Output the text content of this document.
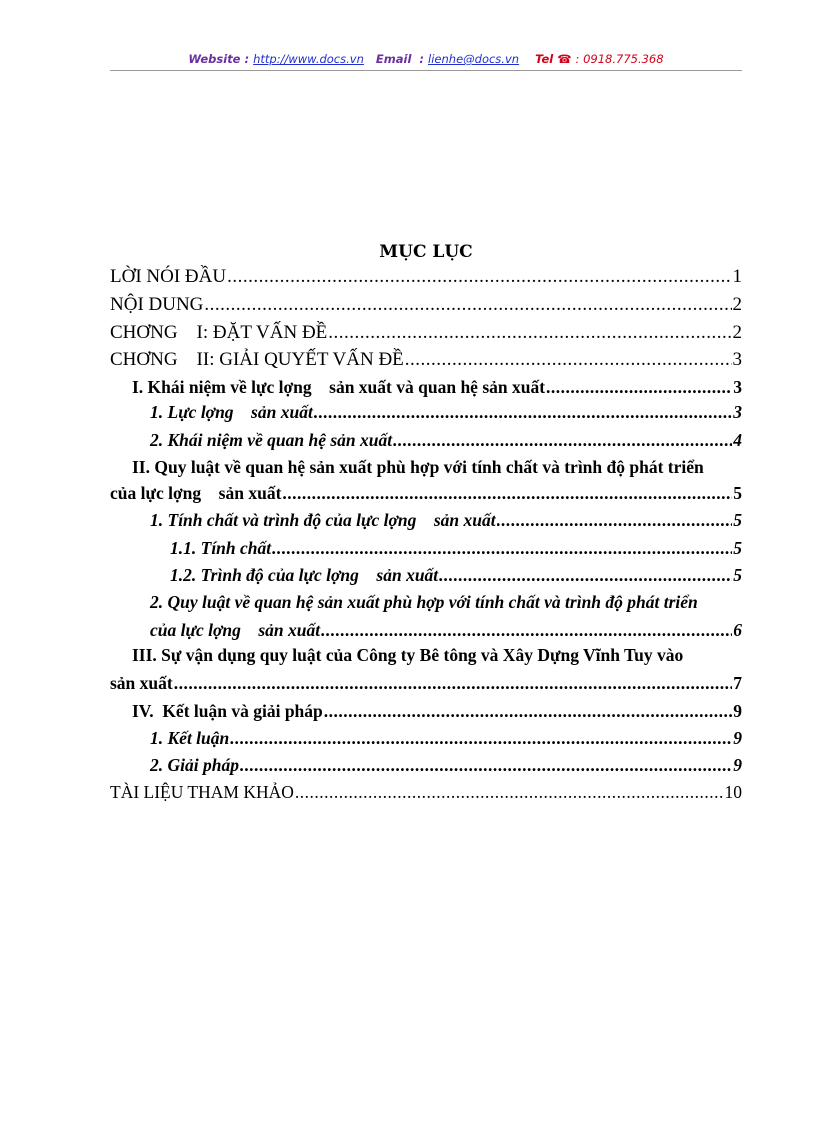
Website : http://www.docs.vn Email : lienhe@docs.vn Tel ☎ : 0918.775.368
MỤC LỤC
LỜI NÓI ĐẦU .....	1
NỘI DUNG .....	2
CHƠNG    I: ĐẶT VẤN ĐỀ .....	2
CHƠNG    II: GIẢI QUYẾT VẤN ĐỀ .....	3
I. Khái niệm về lực lợng    sản xuất và quan hệ sản xuất .....	3
1. Lực lợng    sản xuất .....	3
2. Khái niệm về quan hệ sản xuất .....	4
II. Quy luật về quan hệ sản xuất phù hợp với tính chất và trình độ phát triển
của lực lợng    sản xuất .....	5
1. Tính chất và trình độ của lực lợng    sản xuất .....	5
1.1. Tính chất .....	5
1.2. Trình độ của lực lợng    sản xuất .....	5
2. Quy luật về quan hệ sản xuất phù hợp với tính chất và trình độ phát triển
của lực lợng    sản xuất .....	6
III. Sự vận dụng quy luật của Công ty Bê tông và Xây Dựng Vĩnh Tuy vào
sản xuất .....	7
IV.  Kết luận và giải pháp .....	9
1. Kết luận .....	9
2. Giải pháp .....	9
TÀI LIỆU THAM KHẢO .....	10
